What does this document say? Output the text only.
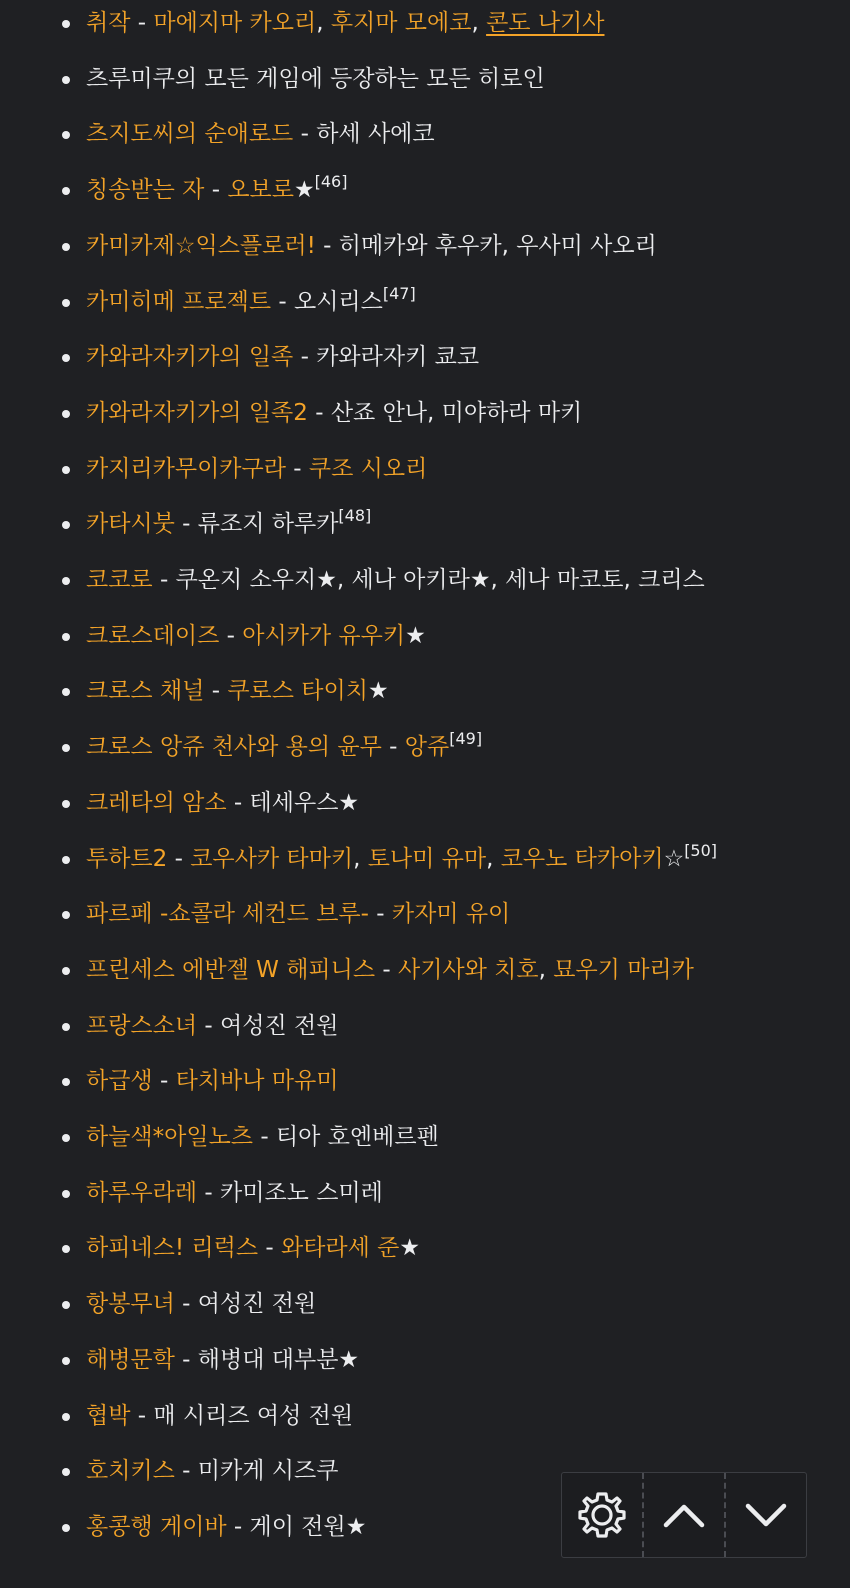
취작 - 마에지마 카오리, 후지마 모에코, 콘도 나기사
츠루미쿠의 모든 게임에 등장하는 모든 히로인
츠지도씨의 순애로드 - 하세 사에코
칭송받는 자 - 오보로★[46]
카미카제☆익스플로러! - 히메카와 후우카, 우사미 사오리
카미히메 프로젝트 - 오시리스[47]
카와라자키가의 일족 - 카와라자키 쿄코
카와라자키가의 일족2 - 산죠 안나, 미야하라 마키
카지리카무이카구라 - 쿠조 시오리
카타시붓 - 류조지 하루카[48]
코코로 - 쿠온지 소우지★, 세나 아키라★, 세나 마코토, 크리스
크로스데이즈 - 아시카가 유우키★
크로스 채널 - 쿠로스 타이치★
크로스 앙쥬 천사와 용의 윤무 - 앙쥬[49]
크레타의 암소 - 테세우스★
투하트2 - 코우사카 타마키, 토나미 유마, 코우노 타카아키☆[50]
파르페 -쇼콜라 세컨드 브루- - 카자미 유이
프린세스 에반젤 W 해피니스 - 사기사와 치호, 묘우기 마리카
프랑스소녀 - 여성진 전원
하급생 - 타치바나 마유미
하늘색*아일노츠 - 티아 호엔베르펜
하루우라레 - 카미조노 스미레
하피네스! 리럭스 - 와타라세 준★
항봉무녀 - 여성진 전원
해병문학 - 해병대 대부분★
협박 - 매 시리즈 여성 전원
호치키스 - 미카게 시즈쿠
홍콩행 게이바 - 게이 전원★
